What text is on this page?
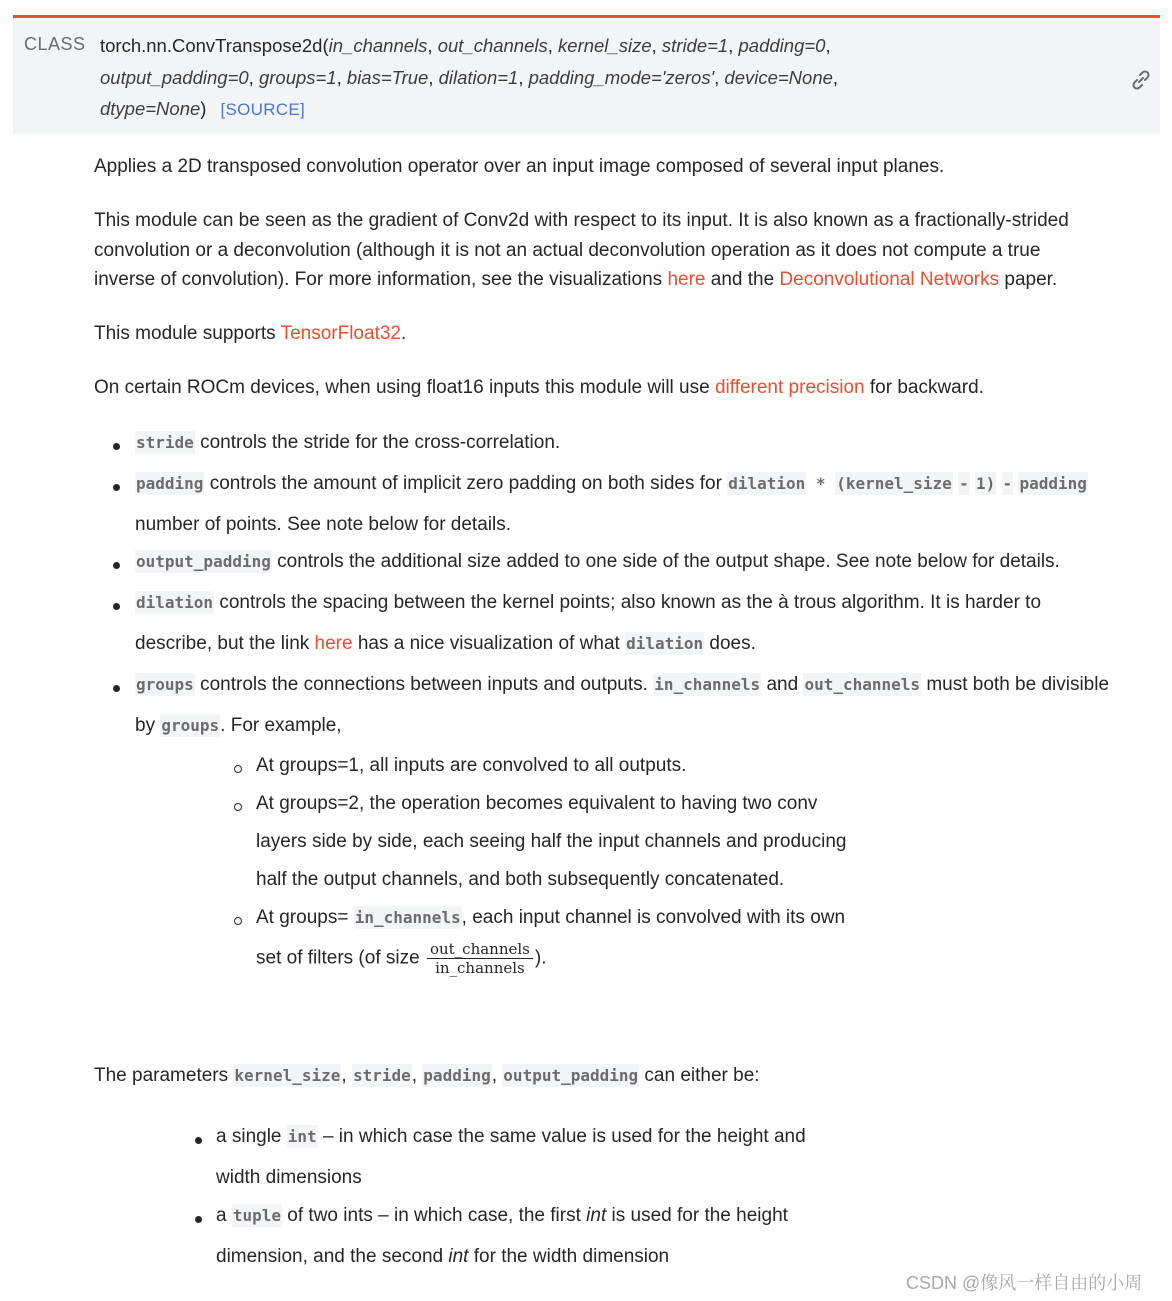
CLASS torch.nn.ConvTranspose2d(in_channels, out_channels, kernel_size, stride=1, padding=0,
output_padding=0, groups=1, bias=True, dilation=1, padding_mode='zeros', device=None,
dtype=None) [SOURCE]
Applies a 2D transposed convolution operator over an input image composed of several input planes.
This module can be seen as the gradient of Conv2d with respect to its input. It is also known as a fractionally-strided
convolution or a deconvolution (although it is not an actual deconvolution operation as it does not compute a true
inverse of convolution). For more information, see the visualizations here and the Deconvolutional Networks paper.
This module supports TensorFloat32.
On certain ROCm devices, when using float16 inputs this module will use different precision for backward.
stride controls the stride for the cross-correlation.
padding controls the amount of implicit zero padding on both sides for dilation * (kernel_size - 1) - padding
number of points. See note below for details.
output_padding controls the additional size added to one side of the output shape. See note below for details.
dilation controls the spacing between the kernel points; also known as the à trous algorithm. It is harder to
describe, but the link here has a nice visualization of what dilation does.
groups controls the connections between inputs and outputs. in_channels and out_channels must both be divisible
by groups. For example,
At groups=1, all inputs are convolved to all outputs.
At groups=2, the operation becomes equivalent to having two conv
layers side by side, each seeing half the input channels and producing
half the output channels, and both subsequently concatenated.
At groups= in_channels, each input channel is convolved with its own
set of filters (of size $\frac{\text{out\_channels}}{\text{in\_channels}}$ ).
The parameters kernel_size, stride, padding, output_padding can either be:
a single int – in which case the same value is used for the height and
width dimensions
a tuple of two ints – in which case, the first int is used for the height
dimension, and the second int for the width dimension
CSDN @像风一样自由的小周
